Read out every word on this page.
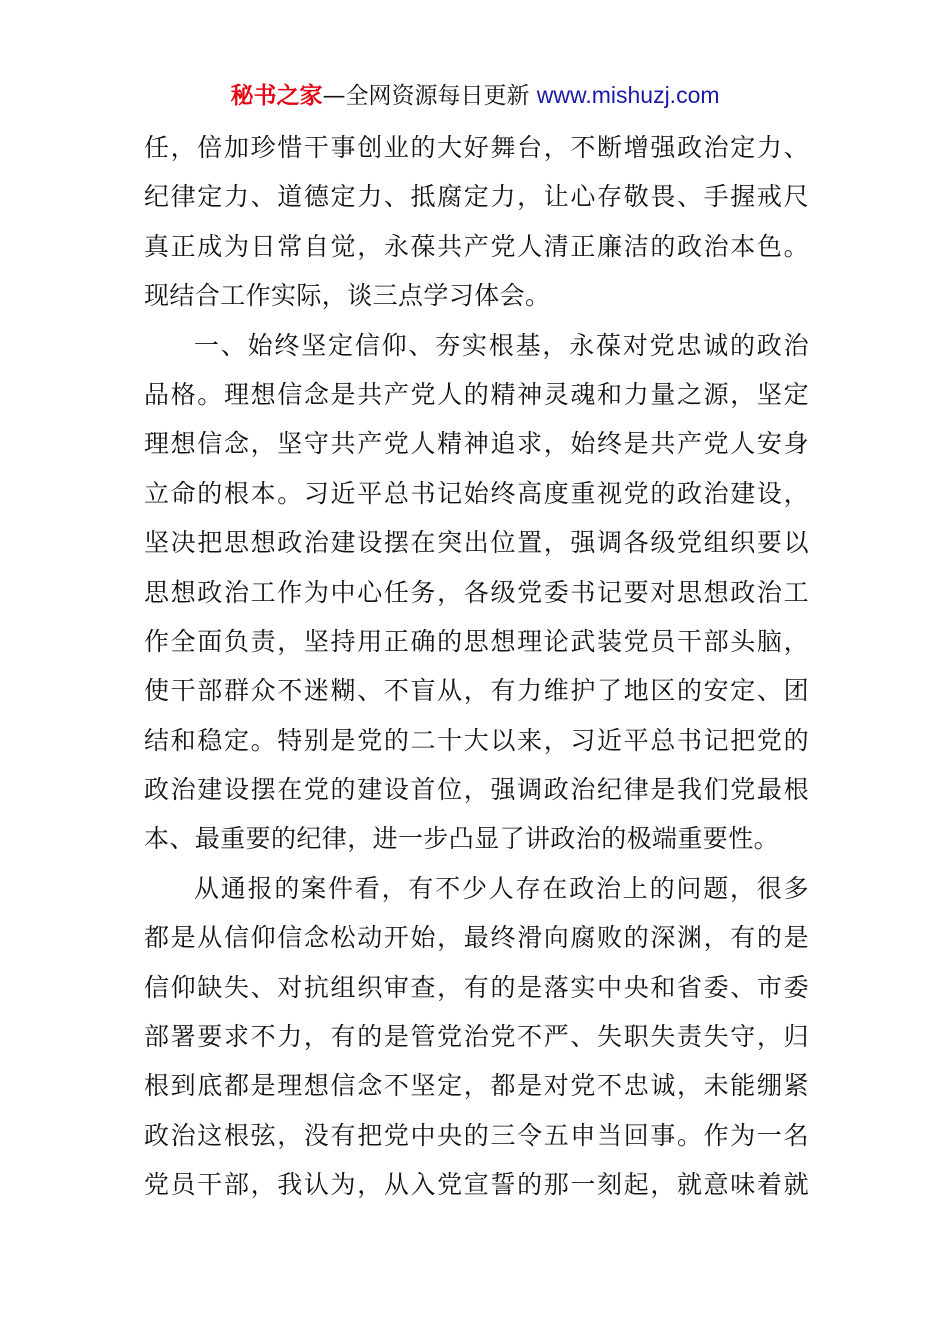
秘书之家—全网资源每日更新 www.mishuzj.com
任，倍加珍惜干事创业的大好舞台，不断增强政治定力、
纪律定力、道德定力、抵腐定力，让心存敬畏、手握戒尺
真正成为日常自觉，永葆共产党人清正廉洁的政治本色。
现结合工作实际，谈三点学习体会。
一、始终坚定信仰、夯实根基，永葆对党忠诚的政治
品格。理想信念是共产党人的精神灵魂和力量之源，坚定
理想信念，坚守共产党人精神追求，始终是共产党人安身
立命的根本。习近平总书记始终高度重视党的政治建设，
坚决把思想政治建设摆在突出位置，强调各级党组织要以
思想政治工作为中心任务，各级党委书记要对思想政治工
作全面负责，坚持用正确的思想理论武装党员干部头脑，
使干部群众不迷糊、不盲从，有力维护了地区的安定、团
结和稳定。特别是党的二十大以来，习近平总书记把党的
政治建设摆在党的建设首位，强调政治纪律是我们党最根
本、最重要的纪律，进一步凸显了讲政治的极端重要性。
从通报的案件看，有不少人存在政治上的问题，很多
都是从信仰信念松动开始，最终滑向腐败的深渊，有的是
信仰缺失、对抗组织审查，有的是落实中央和省委、市委
部署要求不力，有的是管党治党不严、失职失责失守，归
根到底都是理想信念不坚定，都是对党不忠诚，未能绷紧
政治这根弦，没有把党中央的三令五申当回事。作为一名
党员干部，我认为，从入党宣誓的那一刻起，就意味着就
